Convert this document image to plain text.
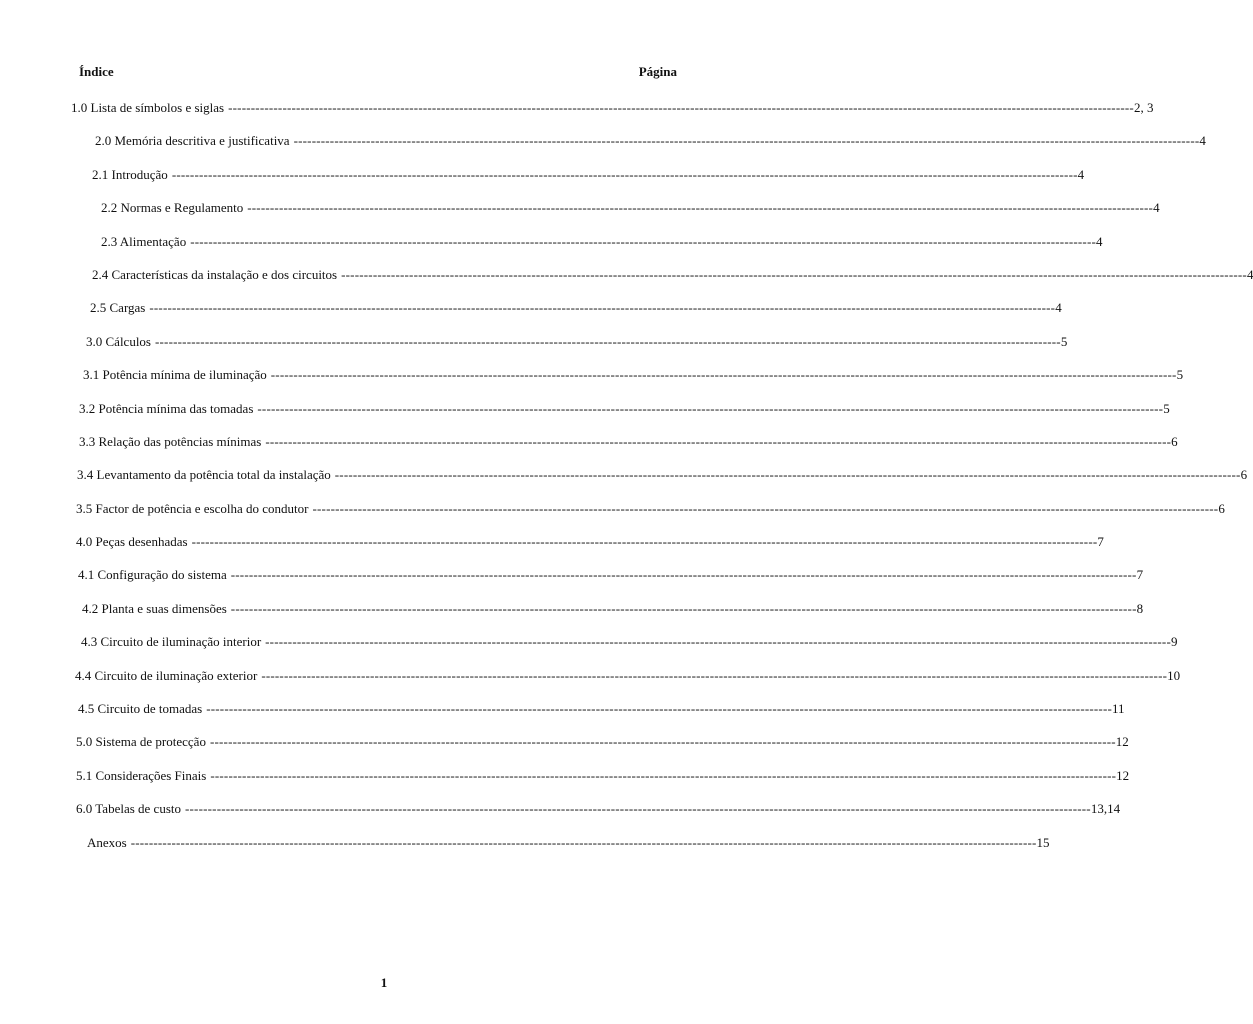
Índice	Página
1.0 Lista de símbolos e siglas -------------------------------------------------------------------------------------------------------------------------------------------------------------------------------------------------------- 2, 3
2.0 Memória descritiva e justificativa -------------------------------------------------------------------------------------------------------------------------------------------------------------------------------------------------------- 4
2.1 Introdução -------------------------------------------------------------------------------------------------------------------------------------------------------------------------------------------------------- 4
2.2 Normas e Regulamento -------------------------------------------------------------------------------------------------------------------------------------------------------------------------------------------------------- 4
2.3 Alimentação -------------------------------------------------------------------------------------------------------------------------------------------------------------------------------------------------------- 4
2.4 Características da instalação e dos circuitos -------------------------------------------------------------------------------------------------------------------------------------------------------------------------------------------------------- 4
2.5 Cargas -------------------------------------------------------------------------------------------------------------------------------------------------------------------------------------------------------- 4
3.0 Cálculos -------------------------------------------------------------------------------------------------------------------------------------------------------------------------------------------------------- 5
3.1 Potência mínima de iluminação -------------------------------------------------------------------------------------------------------------------------------------------------------------------------------------------------------- 5
3.2 Potência mínima das tomadas -------------------------------------------------------------------------------------------------------------------------------------------------------------------------------------------------------- 5
3.3 Relação das potências mínimas -------------------------------------------------------------------------------------------------------------------------------------------------------------------------------------------------------- 6
3.4 Levantamento da potência total da instalação -------------------------------------------------------------------------------------------------------------------------------------------------------------------------------------------------------- 6
3.5 Factor de potência e escolha do condutor -------------------------------------------------------------------------------------------------------------------------------------------------------------------------------------------------------- 6
4.0 Peças desenhadas -------------------------------------------------------------------------------------------------------------------------------------------------------------------------------------------------------- 7
4.1 Configuração do sistema -------------------------------------------------------------------------------------------------------------------------------------------------------------------------------------------------------- 7
4.2 Planta e suas dimensões -------------------------------------------------------------------------------------------------------------------------------------------------------------------------------------------------------- 8
4.3 Circuito de iluminação interior -------------------------------------------------------------------------------------------------------------------------------------------------------------------------------------------------------- 9
4.4 Circuito de iluminação exterior -------------------------------------------------------------------------------------------------------------------------------------------------------------------------------------------------------- 10
4.5 Circuito de tomadas -------------------------------------------------------------------------------------------------------------------------------------------------------------------------------------------------------- 11
5.0 Sistema de protecção -------------------------------------------------------------------------------------------------------------------------------------------------------------------------------------------------------- 12
5.1 Considerações Finais -------------------------------------------------------------------------------------------------------------------------------------------------------------------------------------------------------- 12
6.0 Tabelas de custo -------------------------------------------------------------------------------------------------------------------------------------------------------------------------------------------------------- 13,14
Anexos -------------------------------------------------------------------------------------------------------------------------------------------------------------------------------------------------------- 15
1
